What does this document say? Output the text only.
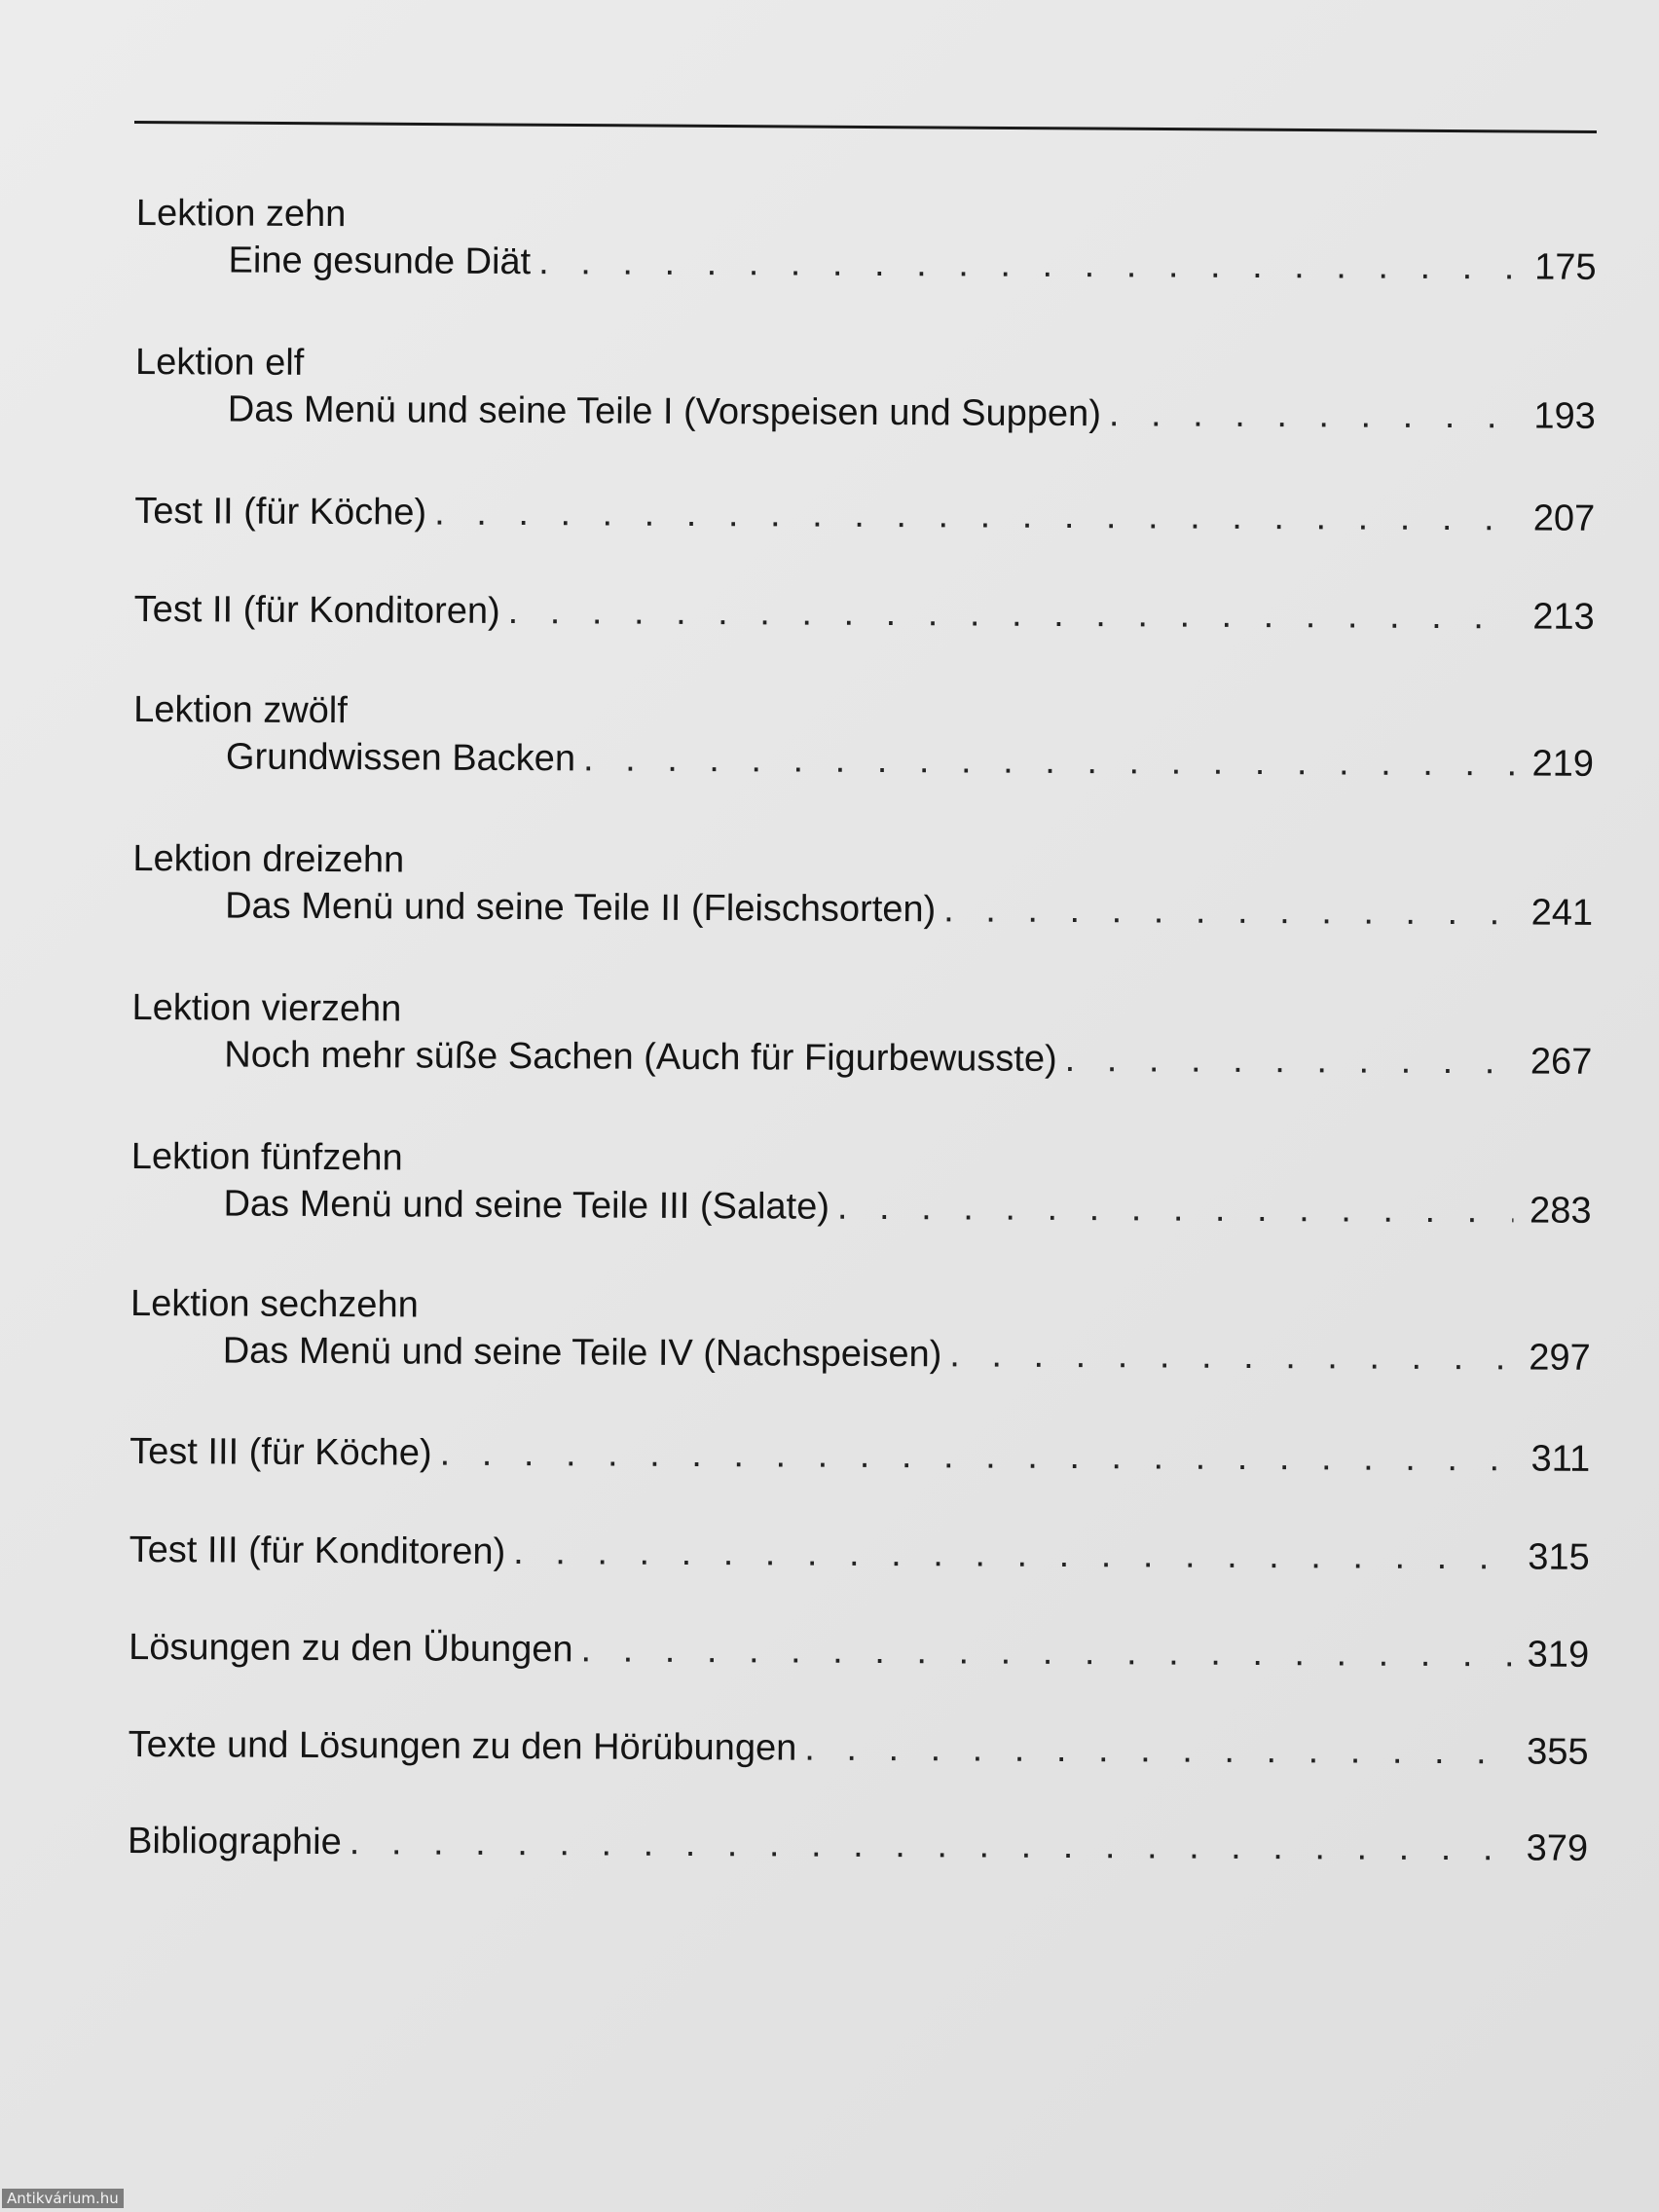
Lektion zehn
Eine gesunde Diät . . .	175
Lektion elf
Das Menü und seine Teile I (Vorspeisen und Suppen) . . .	193
Test II (für Köche) . . .	207
Test II (für Konditoren) . . .	213
Lektion zwölf
Grundwissen Backen . . .	219
Lektion dreizehn
Das Menü und seine Teile II (Fleischsorten) . . .	241
Lektion vierzehn
Noch mehr süße Sachen (Auch für Figurbewusste) . . .	267
Lektion fünfzehn
Das Menü und seine Teile III (Salate) . . .	283
Lektion sechzehn
Das Menü und seine Teile IV (Nachspeisen) . . .	297
Test III (für Köche) . . .	311
Test III (für Konditoren) . . .	315
Lösungen zu den Übungen . . .	319
Texte und Lösungen zu den Hörübungen . . .	355
Bibliographie . . .	379
Antikvárium.hu
